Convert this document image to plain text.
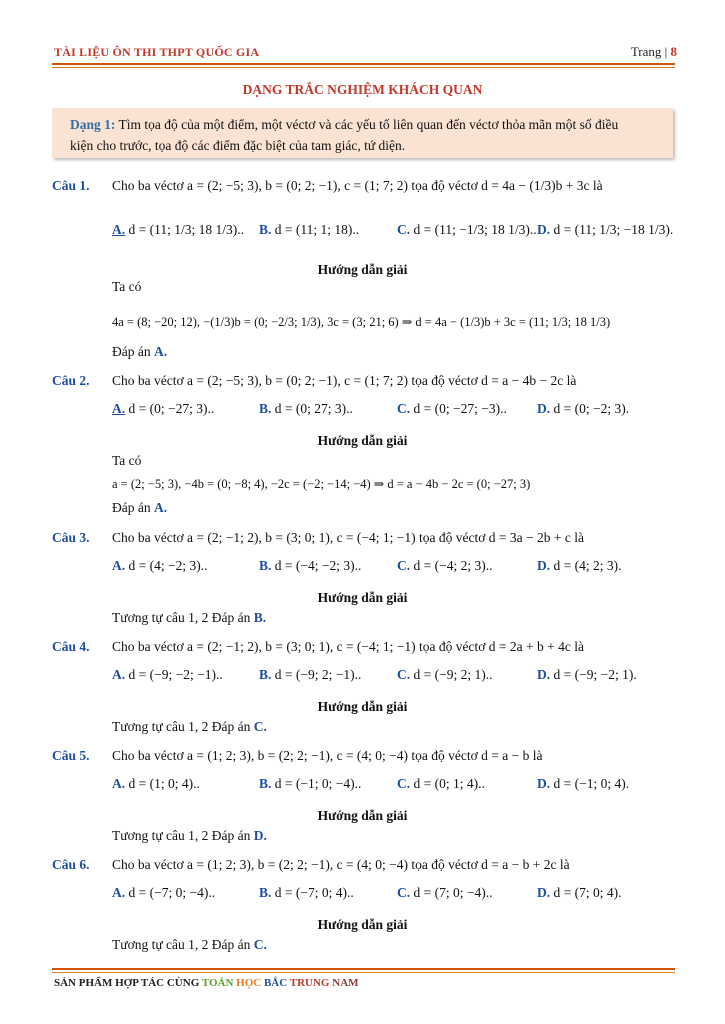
TÀI LIỆU ÔN THI THPT QUỐC GIA	Trang | 8
DẠNG TRẮC NGHIỆM KHÁCH QUAN
Dạng 1: Tìm tọa độ của một điểm, một véctơ và các yếu tố liên quan đến véctơ thỏa mãn một số điều
kiện cho trước, tọa độ các điểm đặc biệt của tam giác, tứ diện.
Câu 1. Cho ba véctơ a = (2; −5; 3), b = (0; 2; −1), c = (1; 7; 2) tọa độ véctơ d = 4a − (1/3)b + 3c là
A. d = (11; 1/3; 18 1/3).. B. d = (11; 1; 18)..	C. d = (11; −1/3; 18 1/3).. D. d = (11; 1/3; −18 1/3).
Hướng dẫn giải
Ta có
4a = (8; −20; 12), −(1/3)b = (0; −2/3; 1/3), 3c = (3; 21; 6) ⇒ d = 4a − (1/3)b + 3c = (11; 1/3; 18 1/3)
Đáp án A.
Câu 2. Cho ba véctơ a = (2; −5; 3), b = (0; 2; −1), c = (1; 7; 2) tọa độ véctơ d = a − 4b − 2c là
A. d = (0; −27; 3)..	B. d = (0; 27; 3)..	C. d = (0; −27; −3).. D. d = (0; −2; 3).
Hướng dẫn giải
Ta có
a = (2; −5; 3), −4b = (0; −8; 4), −2c = (−2; −14; −4) ⇒ d = a − 4b − 2c = (0; −27; 3)
Đáp án A.
Câu 3. Cho ba véctơ a = (2; −1; 2), b = (3; 0; 1), c = (−4; 1; −1) tọa độ véctơ d = 3a − 2b + c là
A. d = (4; −2; 3)..	B. d = (−4; −2; 3)..	C. d = (−4; 2; 3)..	D. d = (4; 2; 3).
Hướng dẫn giải
Tương tự câu 1, 2 Đáp án B.
Câu 4. Cho ba véctơ a = (2; −1; 2), b = (3; 0; 1), c = (−4; 1; −1) tọa độ véctơ d = 2a + b + 4c là
A. d = (−9; −2; −1)..	B. d = (−9; 2; −1)..	C. d = (−9; 2; 1)..	D. d = (−9; −2; 1).
Hướng dẫn giải
Tương tự câu 1, 2 Đáp án C.
Câu 5. Cho ba véctơ a = (1; 2; 3), b = (2; 2; −1), c = (4; 0; −4) tọa độ véctơ d = a − b là
A. d = (1; 0; 4)..	B. d = (−1; 0; −4)..	C. d = (0; 1; 4)..	D. d = (−1; 0; 4).
Hướng dẫn giải
Tương tự câu 1, 2 Đáp án D.
Câu 6. Cho ba véctơ a = (1; 2; 3), b = (2; 2; −1), c = (4; 0; −4) tọa độ véctơ d = a − b + 2c là
A. d = (−7; 0; −4)..	B. d = (−7; 0; 4)..	C. d = (7; 0; −4)..	D. d = (7; 0; 4).
Hướng dẫn giải
Tương tự câu 1, 2 Đáp án C.
SẢN PHẨM HỢP TÁC CÙNG TOÁN HỌC BẮC TRUNG NAM
